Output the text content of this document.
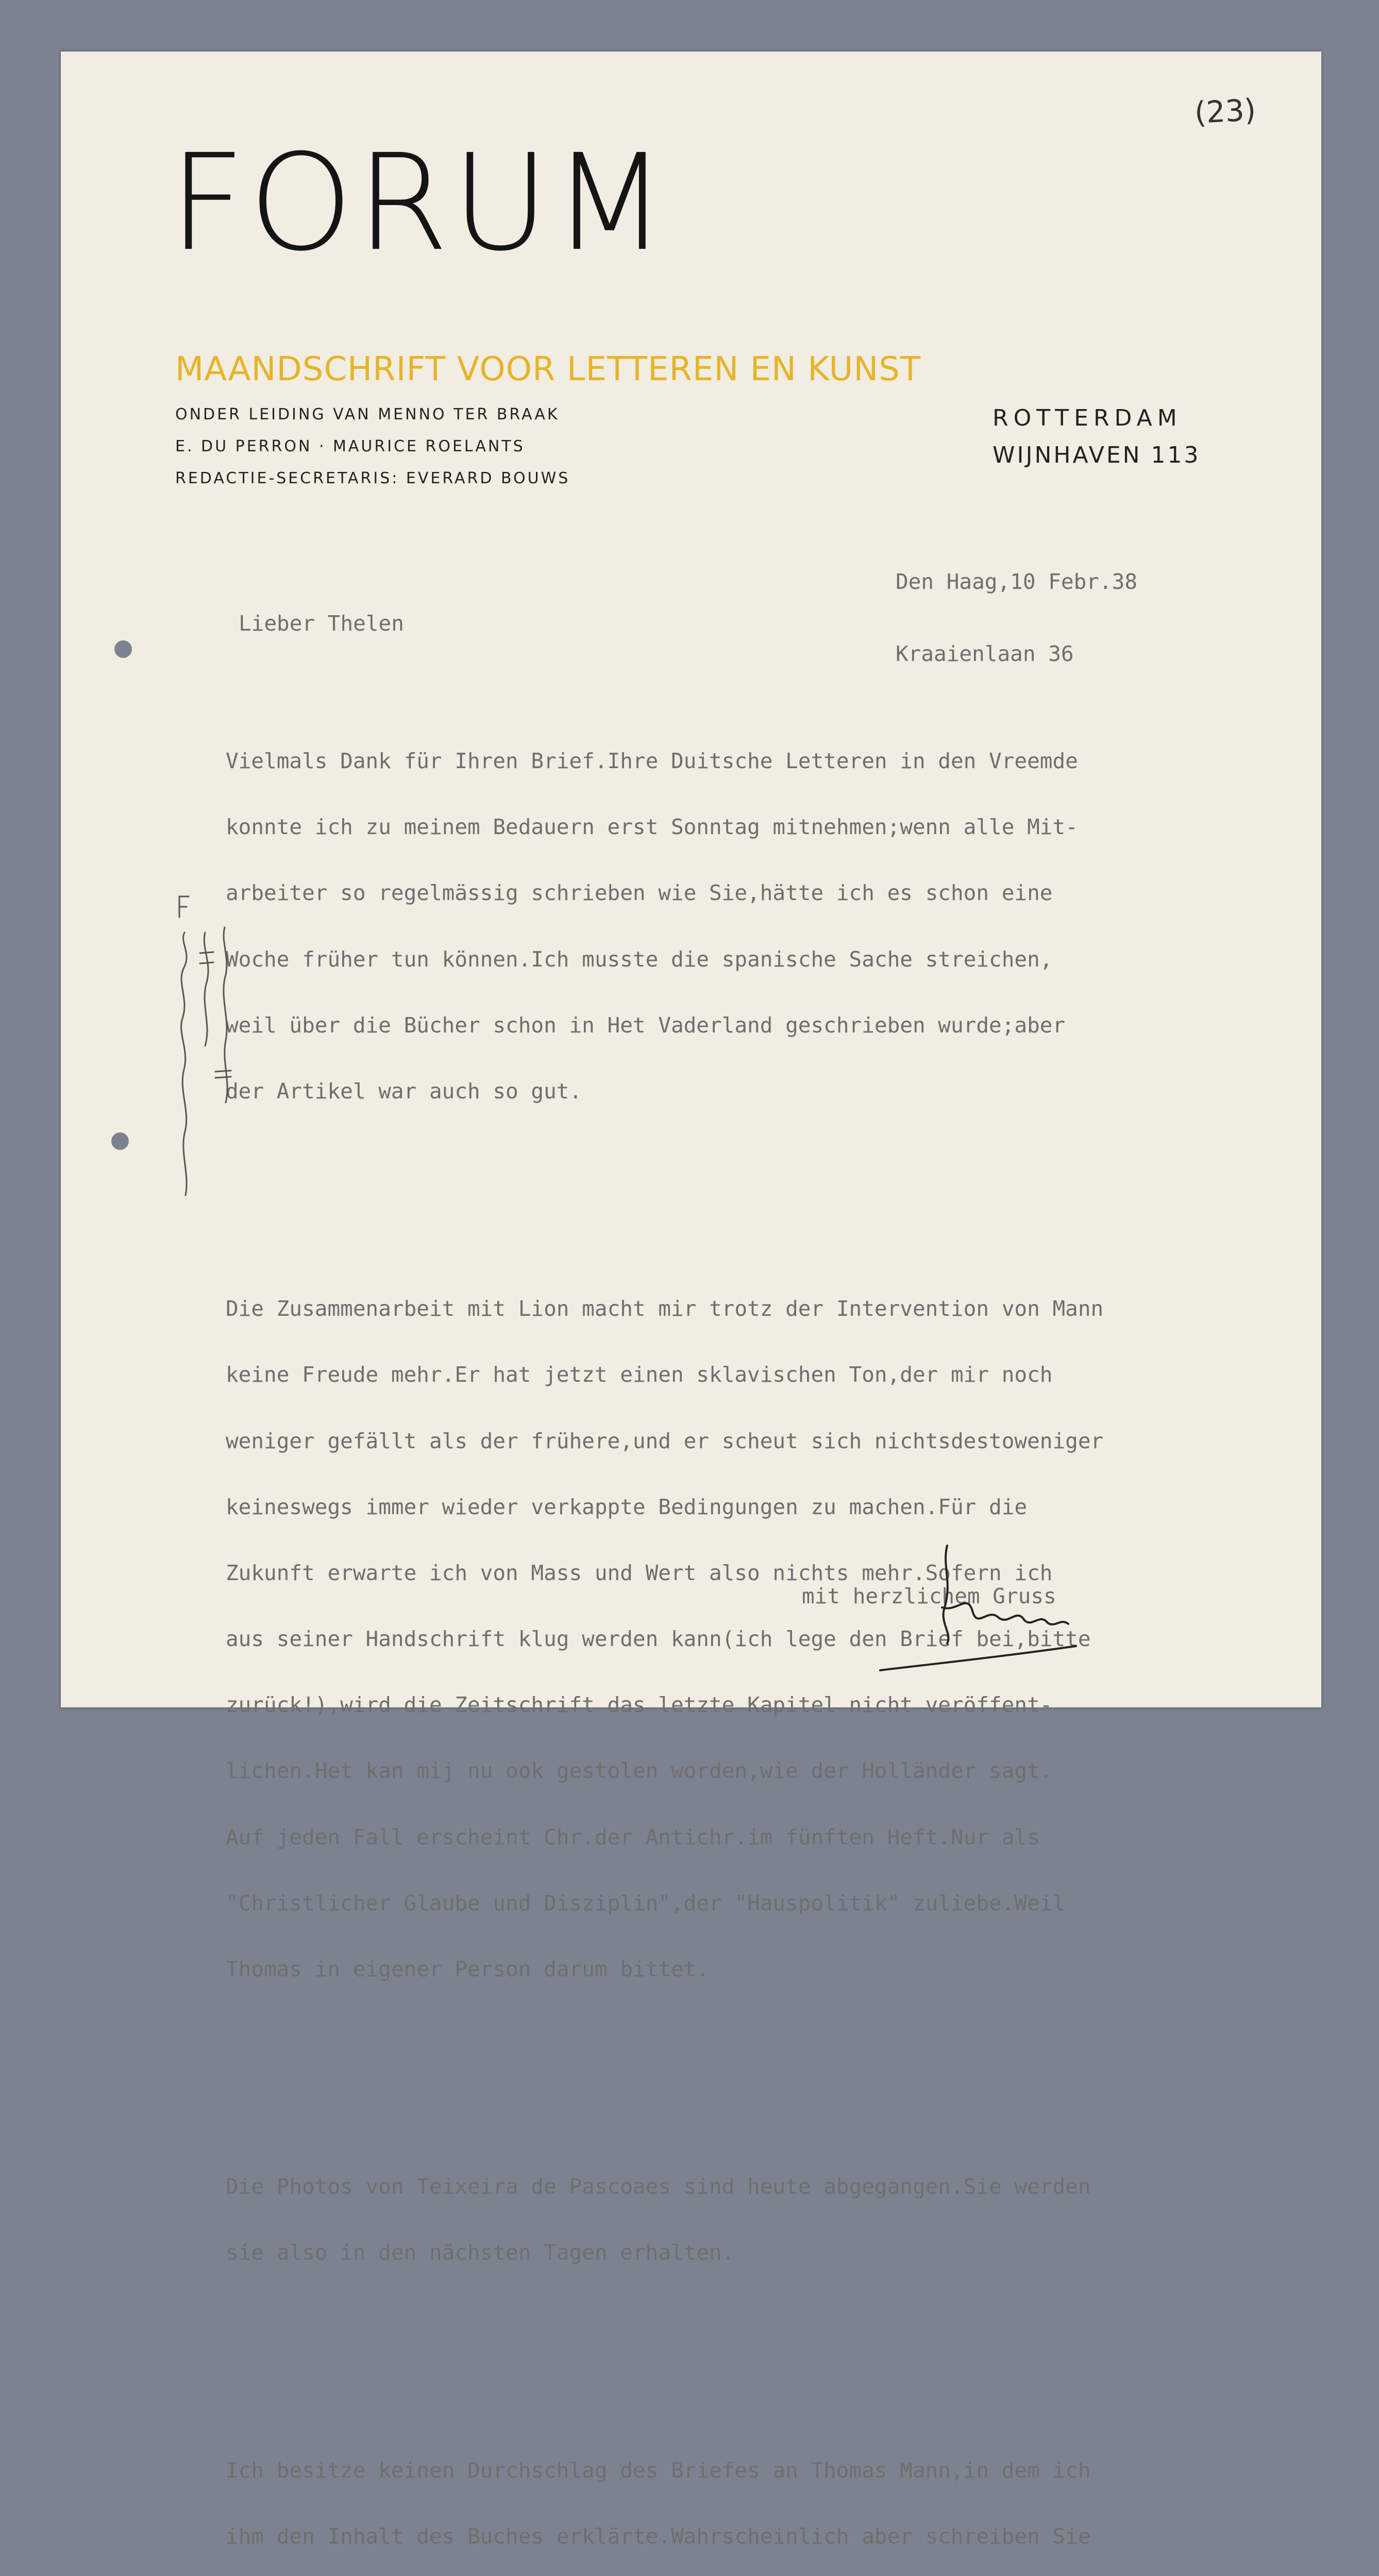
(23)
FORUM
MAANDSCHRIFT VOOR LETTEREN EN KUNST
ONDER LEIDING VAN MENNO TER BRAAK
E. DU PERRON · MAURICE ROELANTS
REDACTIE-SECRETARIS: EVERARD BOUWS
ROTTERDAM
WIJNHAVEN 113

Den Haag,10 Febr.38

Kraaienlaan 36

Lieber Thelen

Vielmals Dank für Ihren Brief.Ihre Duitsche Letteren in den Vreemde

konnte ich zu meinem Bedauern erst Sonntag mitnehmen;wenn alle Mit-

arbeiter so regelmässig schrieben wie Sie,hätte ich es schon eine

Woche früher tun können.Ich musste die spanische Sache streichen,

weil über die Bücher schon in Het Vaderland geschrieben wurde;aber

der Artikel war auch so gut.

Die Zusammenarbeit mit Lion macht mir trotz der Intervention von Mann

keine Freude mehr.Er hat jetzt einen sklavischen Ton,der mir noch

weniger gefällt als der frühere,und er scheut sich nichtsdestoweniger

keineswegs immer wieder verkappte Bedingungen zu machen.Für die

Zukunft erwarte ich von Mass und Wert also nichts mehr.Sofern ich

aus seiner Handschrift klug werden kann(ich lege den Brief bei,bitte

zurück!),wird die Zeitschrift das letzte Kapitel nicht veröffent-

lichen.Het kan mij nu ook gestolen worden,wie der Holländer sagt.

Auf jeden Fall erscheint Chr.der Antichr.im fünften Heft.Nur als

"Christlicher Glaube und Disziplin",der "Hauspolitik" zuliebe.Weil

Thomas in eigener Person darum bittet.

Die Photos von Teixeira de Pascoaes sind heute abgegangen.Sie werden

sie also in den nächsten Tagen erhalten.

Ich besitze keinen Durchschlag des Briefes an Thomas Mann,in dem ich

ihm den Inhalt des Buches erklärte.Wahrscheinlich aber schreiben Sie

mit herzlichem Gruss
